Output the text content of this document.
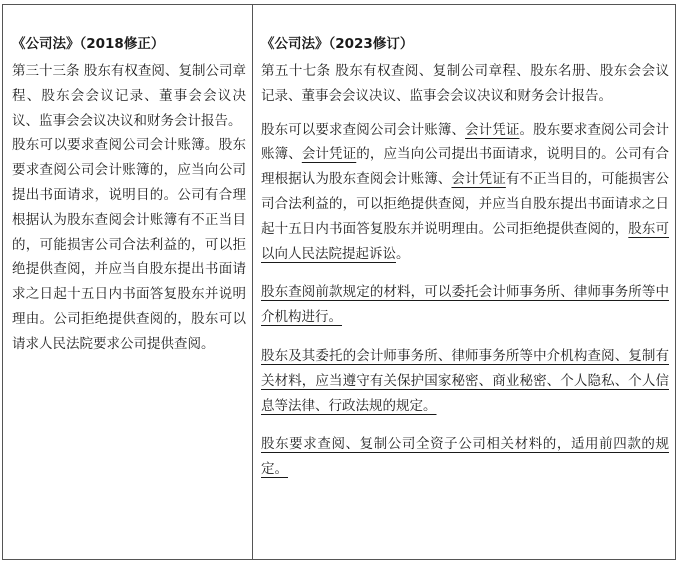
《公司法》（2018修正）

第三十三条 股东有权查阅、复制公司章程、股东会会议记录、董事会会议决议、监事会会议决议和财务会计报告。

股东可以要求查阅公司会计账簿。股东要求查阅公司会计账簿的，应当向公司提出书面请求，说明目的。公司有合理根据认为股东查阅会计账簿有不正当目的，可能损害公司合法利益的，可以拒绝提供查阅，并应当自股东提出书面请求之日起十五日内书面答复股东并说明理由。公司拒绝提供查阅的，股东可以请求人民法院要求公司提供查阅。

《公司法》（2023修订）

第五十七条 股东有权查阅、复制公司章程、股东名册、股东会会议记录、董事会会议决议、监事会会议决议和财务会计报告。

股东可以要求查阅公司会计账簿、会计凭证。股东要求查阅公司会计账簿、会计凭证的，应当向公司提出书面请求，说明目的。公司有合理根据认为股东查阅会计账簿、会计凭证有不正当目的，可能损害公司合法利益的，可以拒绝提供查阅，并应当自股东提出书面请求之日起十五日内书面答复股东并说明理由。公司拒绝提供查阅的，股东可以向人民法院提起诉讼。

股东查阅前款规定的材料，可以委托会计师事务所、律师事务所等中介机构进行。

股东及其委托的会计师事务所、律师事务所等中介机构查阅、复制有关材料，应当遵守有关保护国家秘密、商业秘密、个人隐私、个人信息等法律、行政法规的规定。

股东要求查阅、复制公司全资子公司相关材料的，适用前四款的规定。
